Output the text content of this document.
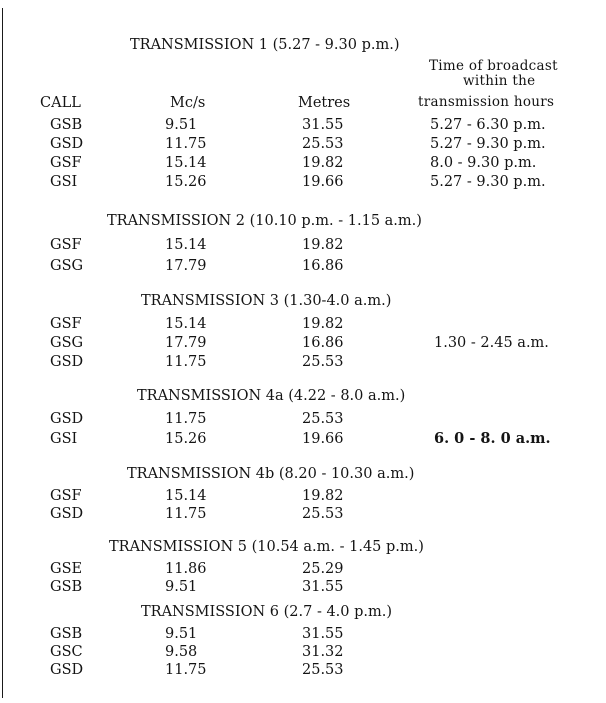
TRANSMISSION 1 (5.27 - 9.30 p.m.)
Time of broadcast
within the
transmission hours
CALL	Mc/s	Metres
GSB	9.51	31.55	5.27 - 6.30 p.m.
GSD	11.75	25.53	5.27 - 9.30 p.m.
GSF	15.14	19.82	8.0 - 9.30 p.m.
GSI	15.26	19.66	5.27 - 9.30 p.m.
TRANSMISSION 2 (10.10 p.m. - 1.15 a.m.)
GSF	15.14	19.82
GSG	17.79	16.86
TRANSMISSION 3 (1.30-4.0 a.m.)
GSF	15.14	19.82
GSG	17.79	16.86	1.30 - 2.45 a.m.
GSD	11.75	25.53
TRANSMISSION 4a (4.22 - 8.0 a.m.)
GSD	11.75	25.53
GSI	15.26	19.66	6. 0 - 8. 0 a.m.
TRANSMISSION 4b (8.20 - 10.30 a.m.)
GSF	15.14	19.82
GSD	11.75	25.53
TRANSMISSION 5 (10.54 a.m. - 1.45 p.m.)
GSE	11.86	25.29
GSB	9.51	31.55
TRANSMISSION 6 (2.7 - 4.0 p.m.)
GSB	9.51	31.55
GSC	9.58	31.32
GSD	11.75	25.53
